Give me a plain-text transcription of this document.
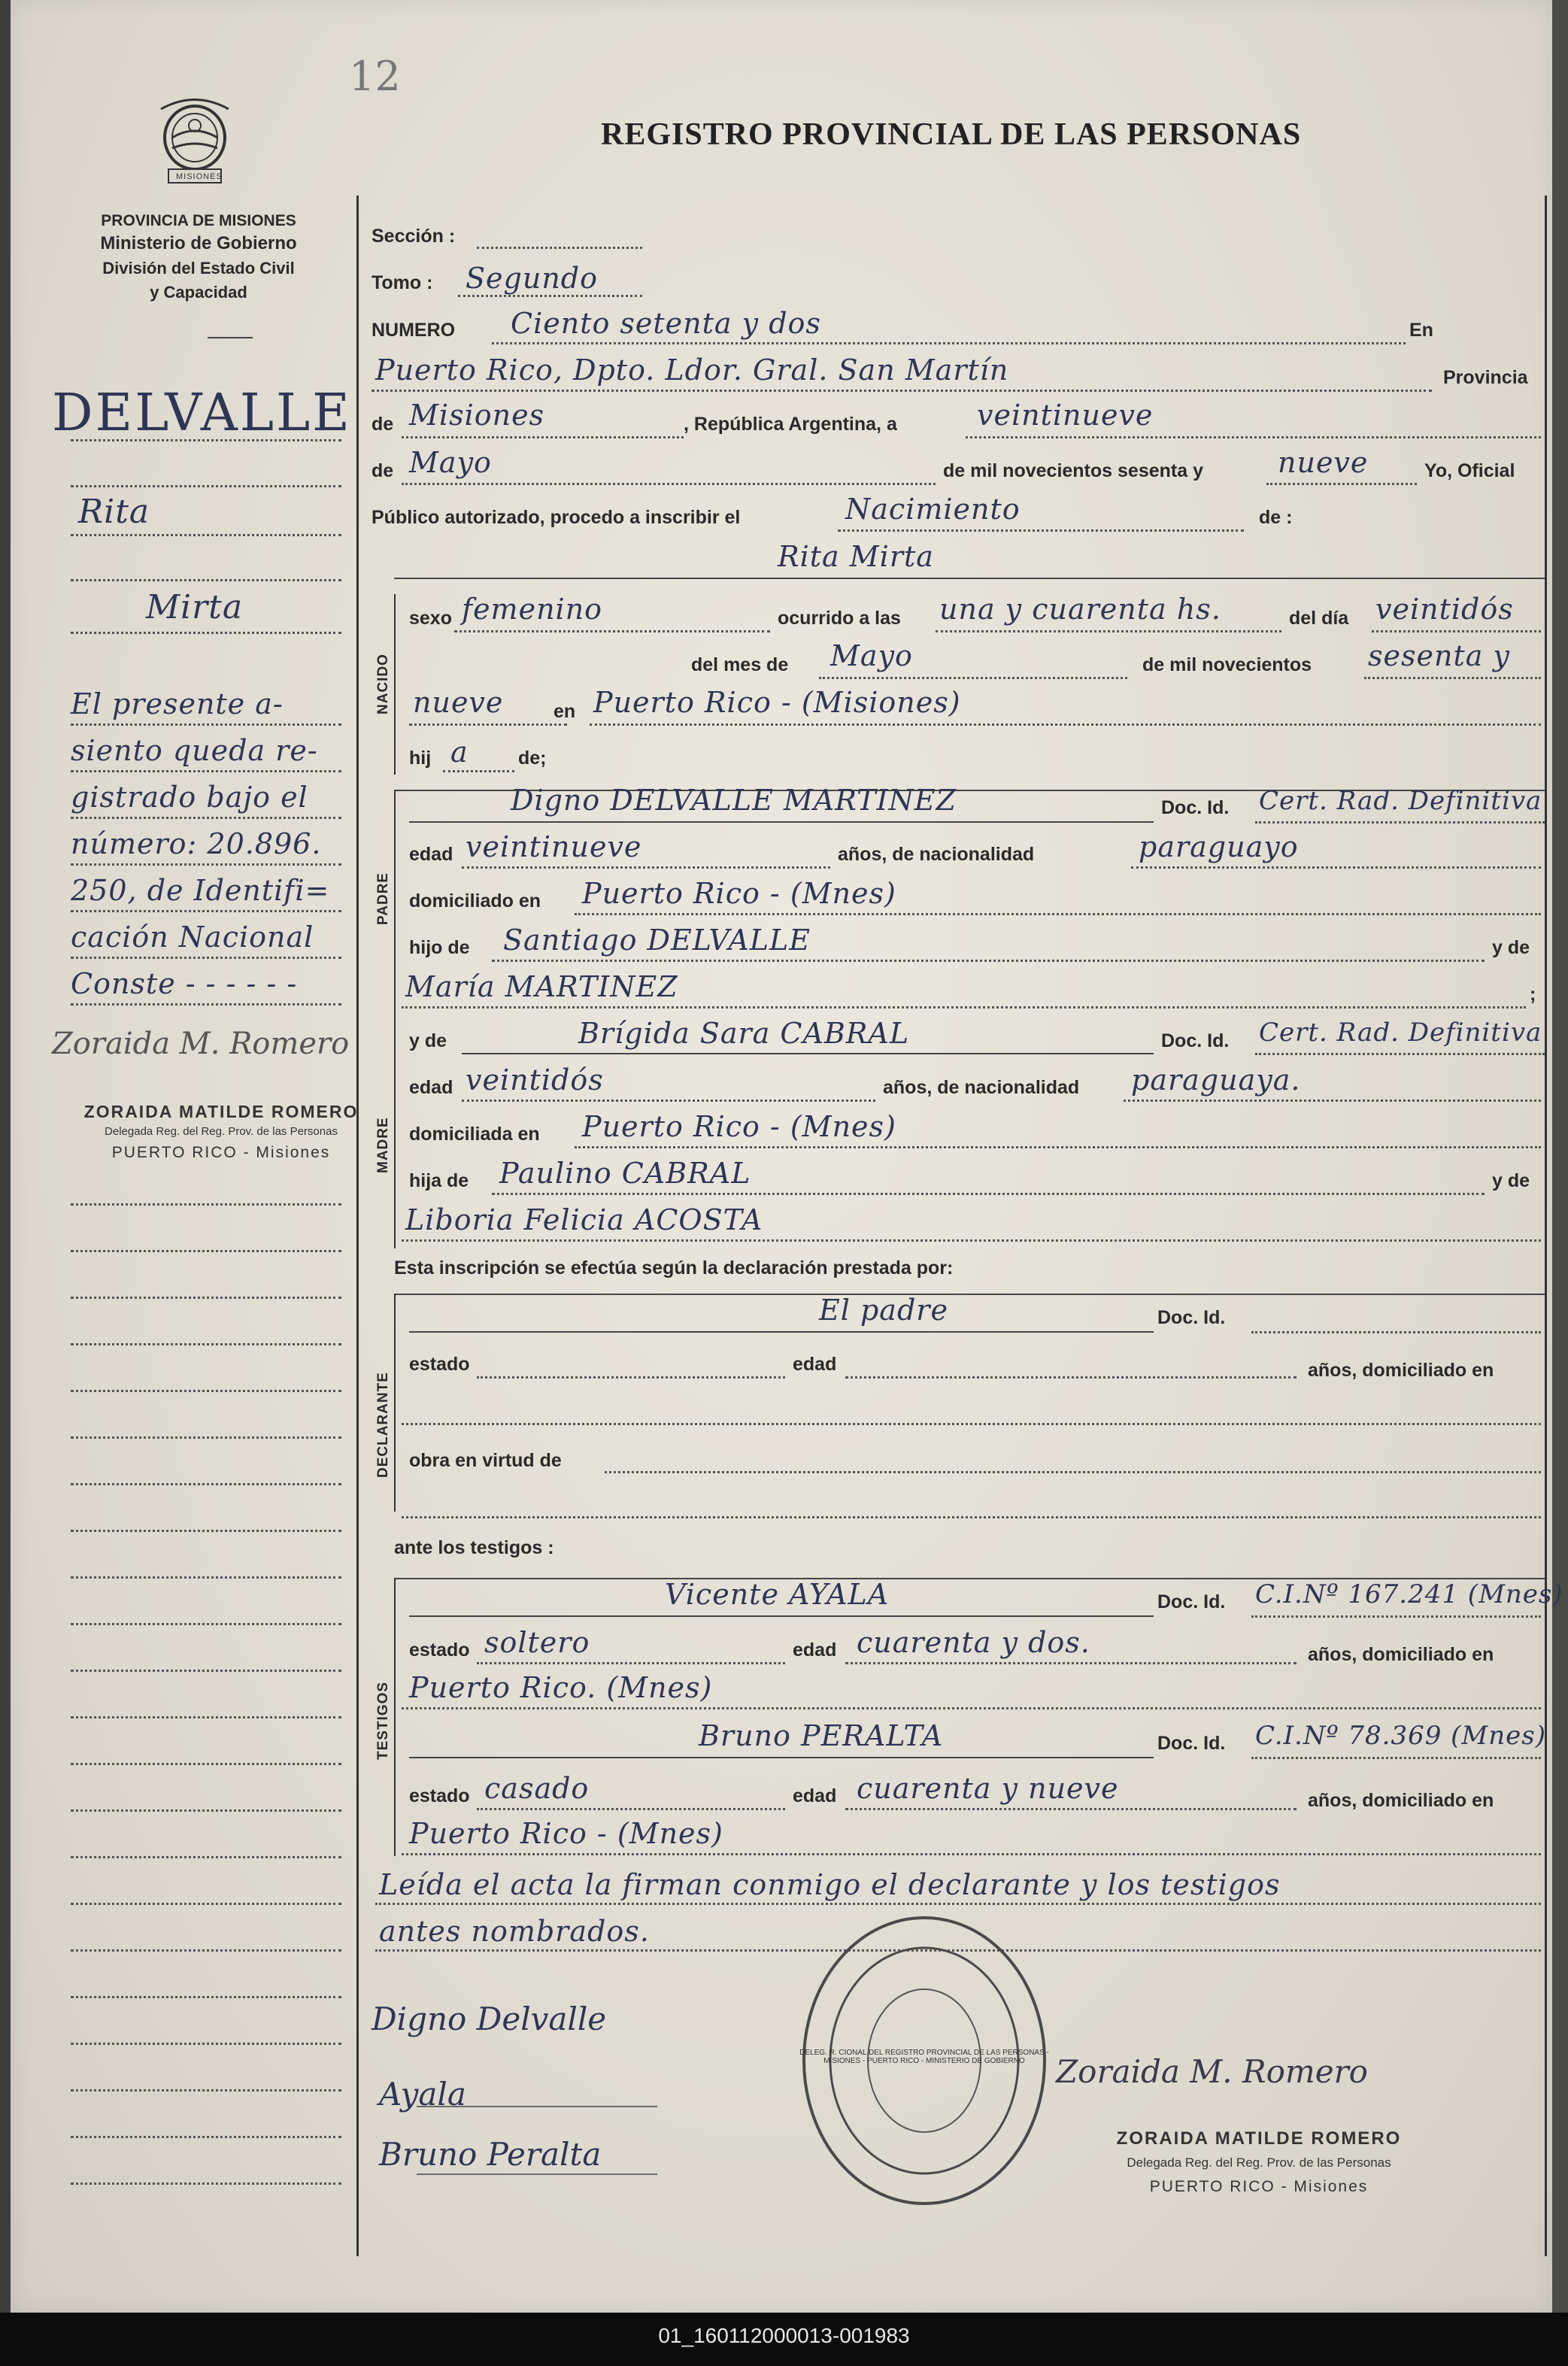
12
MISIONES
PROVINCIA DE MISIONES
Ministerio de Gobierno
División del Estado Civil
y Capacidad
REGISTRO PROVINCIAL DE LAS PERSONAS
DELVALLE
Rita
Mirta
El presente a-
siento queda re-
gistrado bajo el
número: 20.896.
250, de Identifi=
cación Nacional
Conste - - - - - -
Zoraida M. Romero
ZORAIDA MATILDE ROMERO
Delegada Reg. del Reg. Prov. de las Personas
PUERTO RICO - Misiones
Sección :
Tomo : Segundo
NUMERO Ciento setenta y dos	En
Puerto Rico, Dpto. Ldor. Gral. San Martín	Provincia
de Misiones	, República Argentina, a	veintinueve
de Mayo	de mil novecientos sesenta y	nueve	Yo, Oficial
Público autorizado, procedo a inscribir el	Nacimiento	de :
Rita Mirta
NACIDO
sexo femenino	ocurrido a las una y cuarenta hs.	del día veintidós
del mes de Mayo	de mil novecientos sesenta y
nueve	en Puerto Rico - (Misiones)
hij a	de;
PADRE
Digno DELVALLE MARTINEZ	Doc. Id. Cert. Rad. Definitiva
edad veintinueve	años, de nacionalidad	paraguayo
domiciliado en Puerto Rico - (Mnes)
hijo de Santiago DELVALLE	y de
María MARTINEZ	;
MADRE
y de	Brígida Sara CABRAL	Doc. Id. Cert. Rad. Definitiva
edad veintidós	años, de nacionalidad paraguaya.
domiciliada en Puerto Rico - (Mnes)
hija de Paulino CABRAL	y de
Liboria Felicia ACOSTA
Esta inscripción se efectúa según la declaración prestada por:
DECLARANTE
El padre	Doc. Id.
estado	edad	años, domiciliado en
obra en virtud de
ante los testigos :
TESTIGOS
Vicente AYALA	Doc. Id. C.I.Nº 167.241 (Mnes)
estado soltero	edad cuarenta y dos.	años, domiciliado en
Puerto Rico. (Mnes)
Bruno PERALTA	Doc. Id. C.I.Nº 78.369 (Mnes)
estado casado	edad cuarenta y nueve	años, domiciliado en
Puerto Rico - (Mnes)
Leída el acta la firman conmigo el declarante y los testigos
antes nombrados.
Digno Delvalle
Ayala
Bruno Peralta
DELEG. R. CIONAL DEL REGISTRO PROVINCIAL DE LAS PERSONAS - MISIONES - PUERTO RICO - MINISTERIO DE GOBIERNO Zoraida M. Romero
ZORAIDA MATILDE ROMERO
Delegada Reg. del Reg. Prov. de las Personas
PUERTO RICO - Misiones
01_160112000013-001983
